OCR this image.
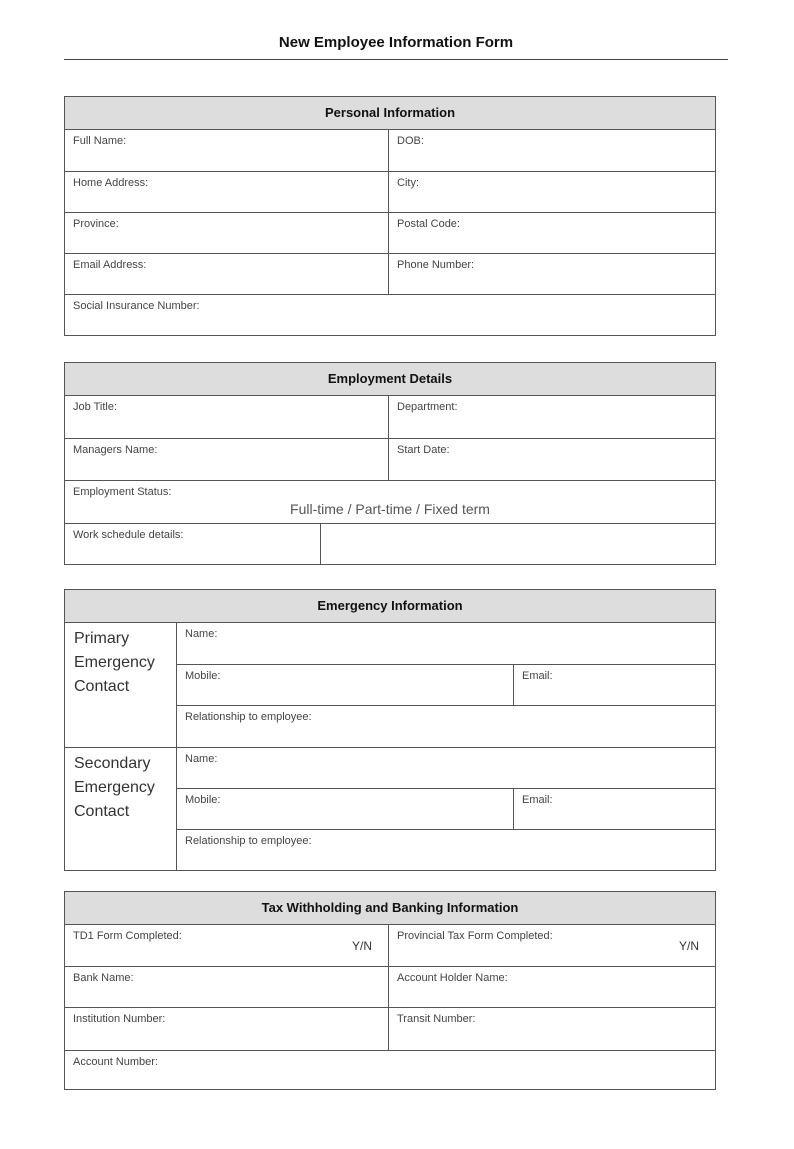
New Employee Information Form
Personal Information
Full Name:	DOB:
Home Address:	City:
Province:	Postal Code:
Email Address:	Phone Number:
Social Insurance Number:
Employment Details
Job Title:	Department:
Managers Name:	Start Date:
Employment Status:
Full-time / Part-time / Fixed term
Work schedule details:
Emergency Information
Primary Emergency Contact
Name:
Mobile:	Email:
Relationship to employee:
Secondary Emergency Contact
Name:
Mobile:	Email:
Relationship to employee:
Tax Withholding and Banking Information
TD1 Form Completed:
Y/N
Provincial Tax Form Completed:
Y/N
Bank Name:	Account Holder Name:
Institution Number:	Transit Number:
Account Number:
